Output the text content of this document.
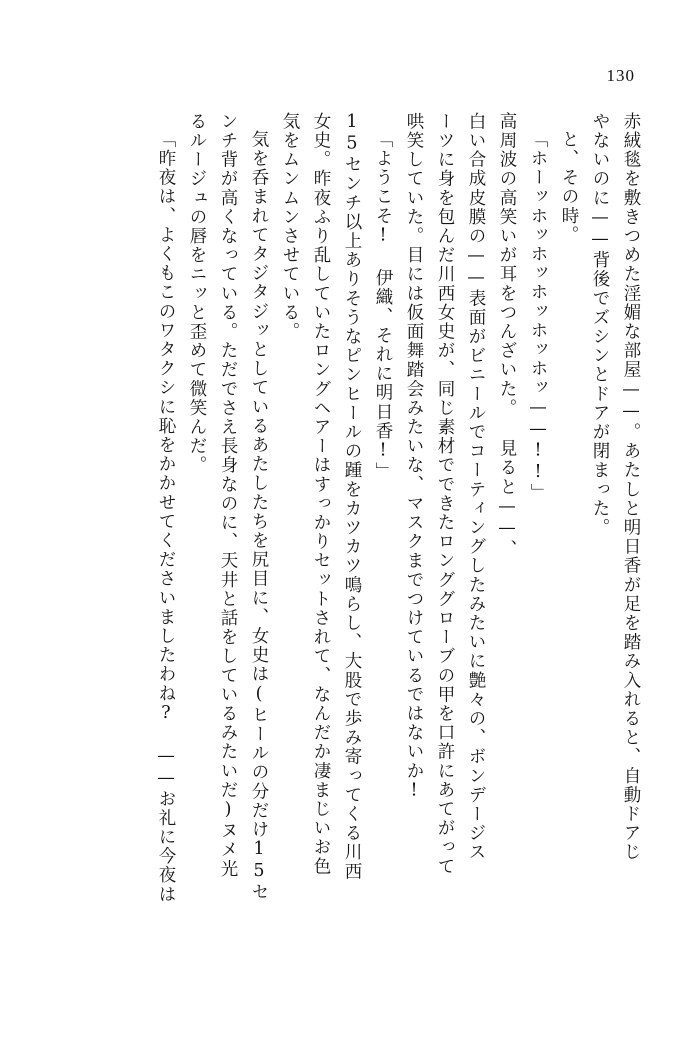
130
赤絨毯を敷きつめた淫媚な部屋——。あたしと明日香が足を踏み入れると、自動ドアじ
やないのに——背後でズシンとドアが閉まった。
と、その時。
「ホーッホッホッホッホッホッ——!!」
高周波の高笑いが耳をつんざいた。 見ると——、
白い合成皮膜の——表面がビニールでコーティングしたみたいに艶々の、ボンデージス
ーツに身を包んだ川西女史が、同じ素材でできたロンググローブの甲を口許にあてがって
哄笑していた。目には仮面舞踏会みたいな、マスクまでつけているではないか!
「ようこそ! 伊織、それに明日香!」
15センチ以上ありそうなピンヒールの踵をカツカツ鳴らし、大股で歩み寄ってくる川西
女史。昨夜ふり乱していたロングヘアーはすっかりセットされて、なんだか凄まじいお色
気をムンムンさせている。
気を呑まれてタジタジッとしているあたしたちを尻目に、女史は(ヒールの分だけ15セ
ンチ背が高くなっている。ただでさえ長身なのに、天井と話をしているみたいだ)ヌメ光
るルージュの唇をニッと歪めて微笑んだ。
「昨夜は、よくもこのワタクシに恥をかかせてくださいましたわね? ——お礼に今夜は
